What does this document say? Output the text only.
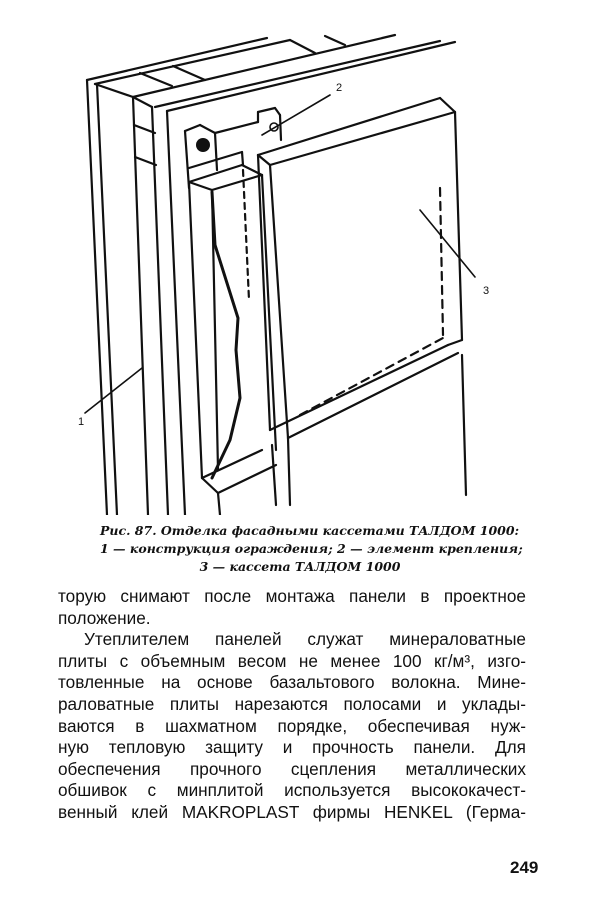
1
2
3
Рис. 87. Отделка фасадными кассетами ТАЛДОМ 1000:
1 — конструкция ограждения; 2 — элемент крепления;
3 — кассета ТАЛДОМ 1000
торую снимают после монтажа панели в проектное
положение.
Утеплителем панелей служат минераловатные
плиты с объемным весом не менее 100 кг/м³, изго-
товленные на основе базальтового волокна. Мине-
раловатные плиты нарезаются полосами и уклады-
ваются в шахматном порядке, обеспечивая нуж-
ную тепловую защиту и прочность панели. Для
обеспечения прочного сцепления металлических
обшивок с минплитой используется высококачест-
венный клей MAKROPLAST фирмы HENKEL (Герма-
249
